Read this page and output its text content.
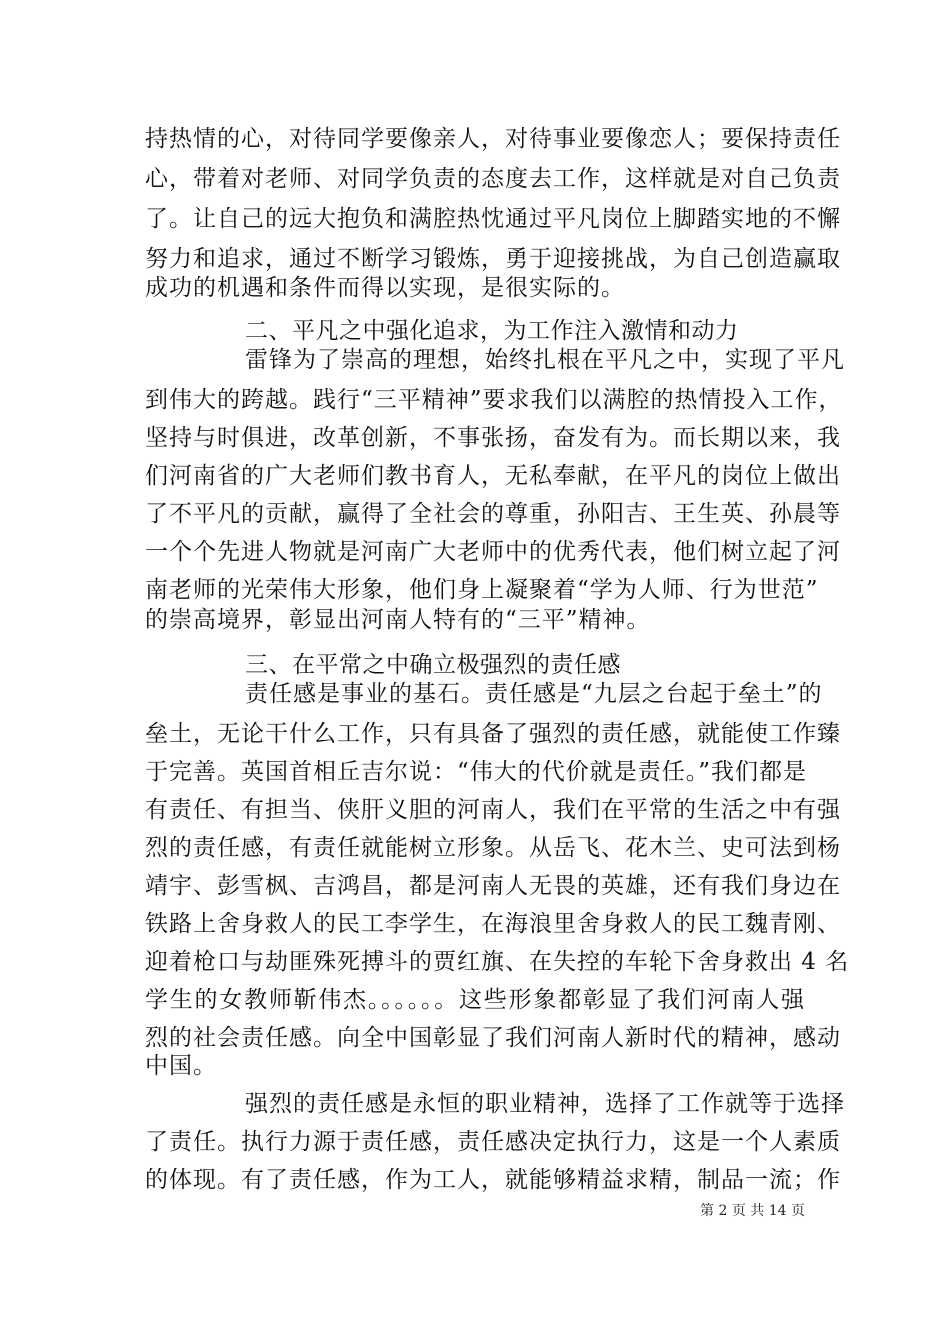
持热情的心，对待同学要像亲人，对待事业要像恋人；要保持责任
心，带着对老师、对同学负责的态度去工作，这样就是对自己负责
了。让自己的远大抱负和满腔热忱通过平凡岗位上脚踏实地的不懈
努力和追求，通过不断学习锻炼，勇于迎接挑战，为自己创造赢取
成功的机遇和条件而得以实现，是很实际的。
二、平凡之中强化追求，为工作注入激情和动力
雷锋为了崇高的理想，始终扎根在平凡之中，实现了平凡
到伟大的跨越。践行“三平精神”要求我们以满腔的热情投入工作，
坚持与时俱进，改革创新，不事张扬，奋发有为。而长期以来，我
们河南省的广大老师们教书育人，无私奉献，在平凡的岗位上做出
了不平凡的贡献，赢得了全社会的尊重，孙阳吉、王生英、孙晨等
一个个先进人物就是河南广大老师中的优秀代表，他们树立起了河
南老师的光荣伟大形象，他们身上凝聚着“学为人师、行为世范”
的崇高境界，彰显出河南人特有的“三平”精神。
三、在平常之中确立极强烈的责任感
责任感是事业的基石。责任感是“九层之台起于垒土”的
垒土，无论干什么工作，只有具备了强烈的责任感，就能使工作臻
于完善。英国首相丘吉尔说：“伟大的代价就是责任。”我们都是
有责任、有担当、侠肝义胆的河南人，我们在平常的生活之中有强
烈的责任感，有责任就能树立形象。从岳飞、花木兰、史可法到杨
靖宇、彭雪枫、吉鸿昌，都是河南人无畏的英雄，还有我们身边在
铁路上舍身救人的民工李学生，在海浪里舍身救人的民工魏青刚、
迎着枪口与劫匪殊死搏斗的贾红旗、在失控的车轮下舍身救出 4 名
学生的女教师靳伟杰。。。。。。这些形象都彰显了我们河南人强
烈的社会责任感。向全中国彰显了我们河南人新时代的精神，感动
中国。
强烈的责任感是永恒的职业精神，选择了工作就等于选择
了责任。执行力源于责任感，责任感决定执行力，这是一个人素质
的体现。有了责任感，作为工人，就能够精益求精，制品一流；作
第 2 页 共 14 页
